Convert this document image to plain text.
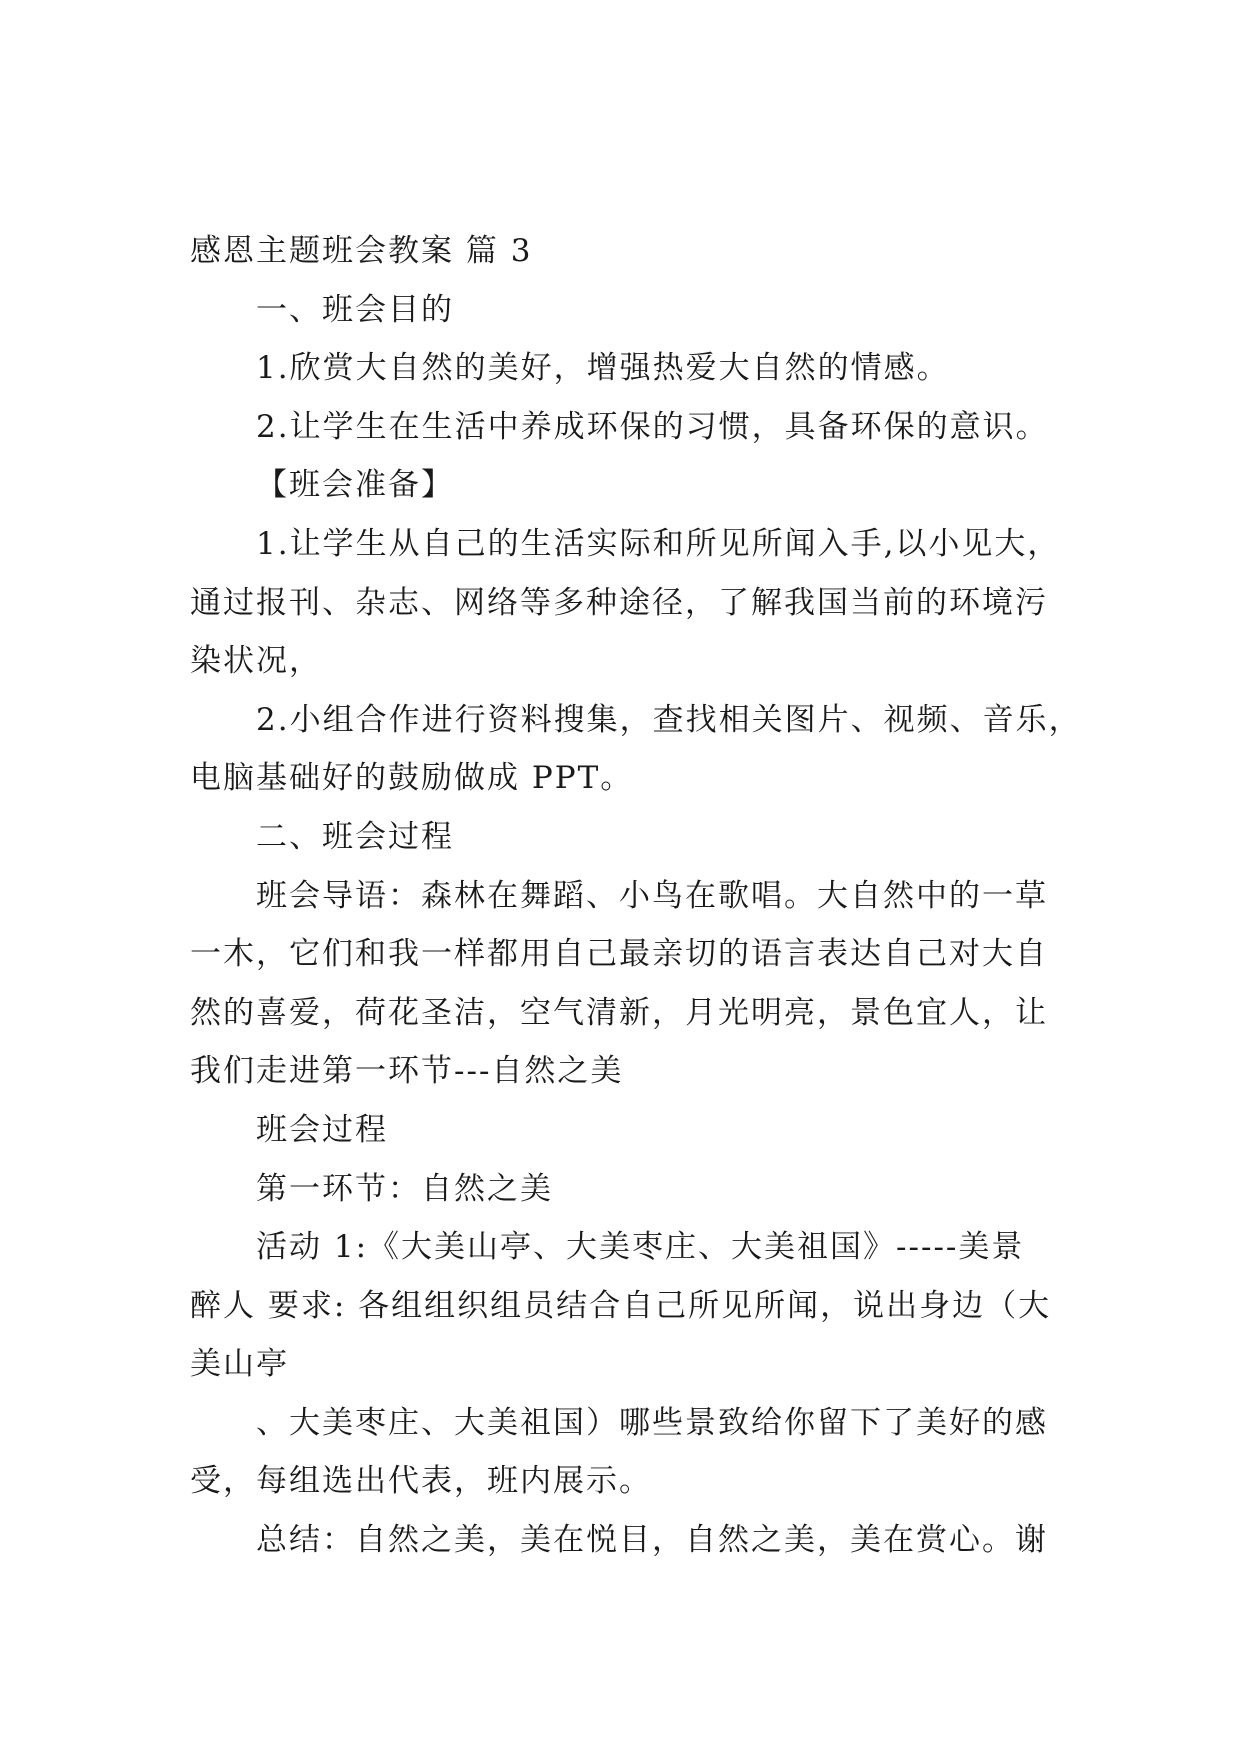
感恩主题班会教案 篇 3
一、班会目的
1.欣赏大自然的美好，增强热爱大自然的情感。
2.让学生在生活中养成环保的习惯，具备环保的意识。
【班会准备】
1.让学生从自己的生活实际和所见所闻入手,以小见大，
通过报刊、杂志、网络等多种途径，了解我国当前的环境污
染状况，
2.小组合作进行资料搜集，查找相关图片、视频、音乐，
电脑基础好的鼓励做成 PPT。
二、班会过程
班会导语：森林在舞蹈、小鸟在歌唱。大自然中的一草
一木，它们和我一样都用自己最亲切的语言表达自己对大自
然的喜爱，荷花圣洁，空气清新，月光明亮，景色宜人，让
我们走进第一环节---自然之美
班会过程
第一环节：自然之美
活动 1:《大美山亭、大美枣庄、大美祖国》-----美景
醉人 要求: 各组组织组员结合自己所见所闻，说出身边（大
美山亭
、大美枣庄、大美祖国）哪些景致给你留下了美好的感
受，每组选出代表，班内展示。
总结：自然之美，美在悦目，自然之美，美在赏心。谢
